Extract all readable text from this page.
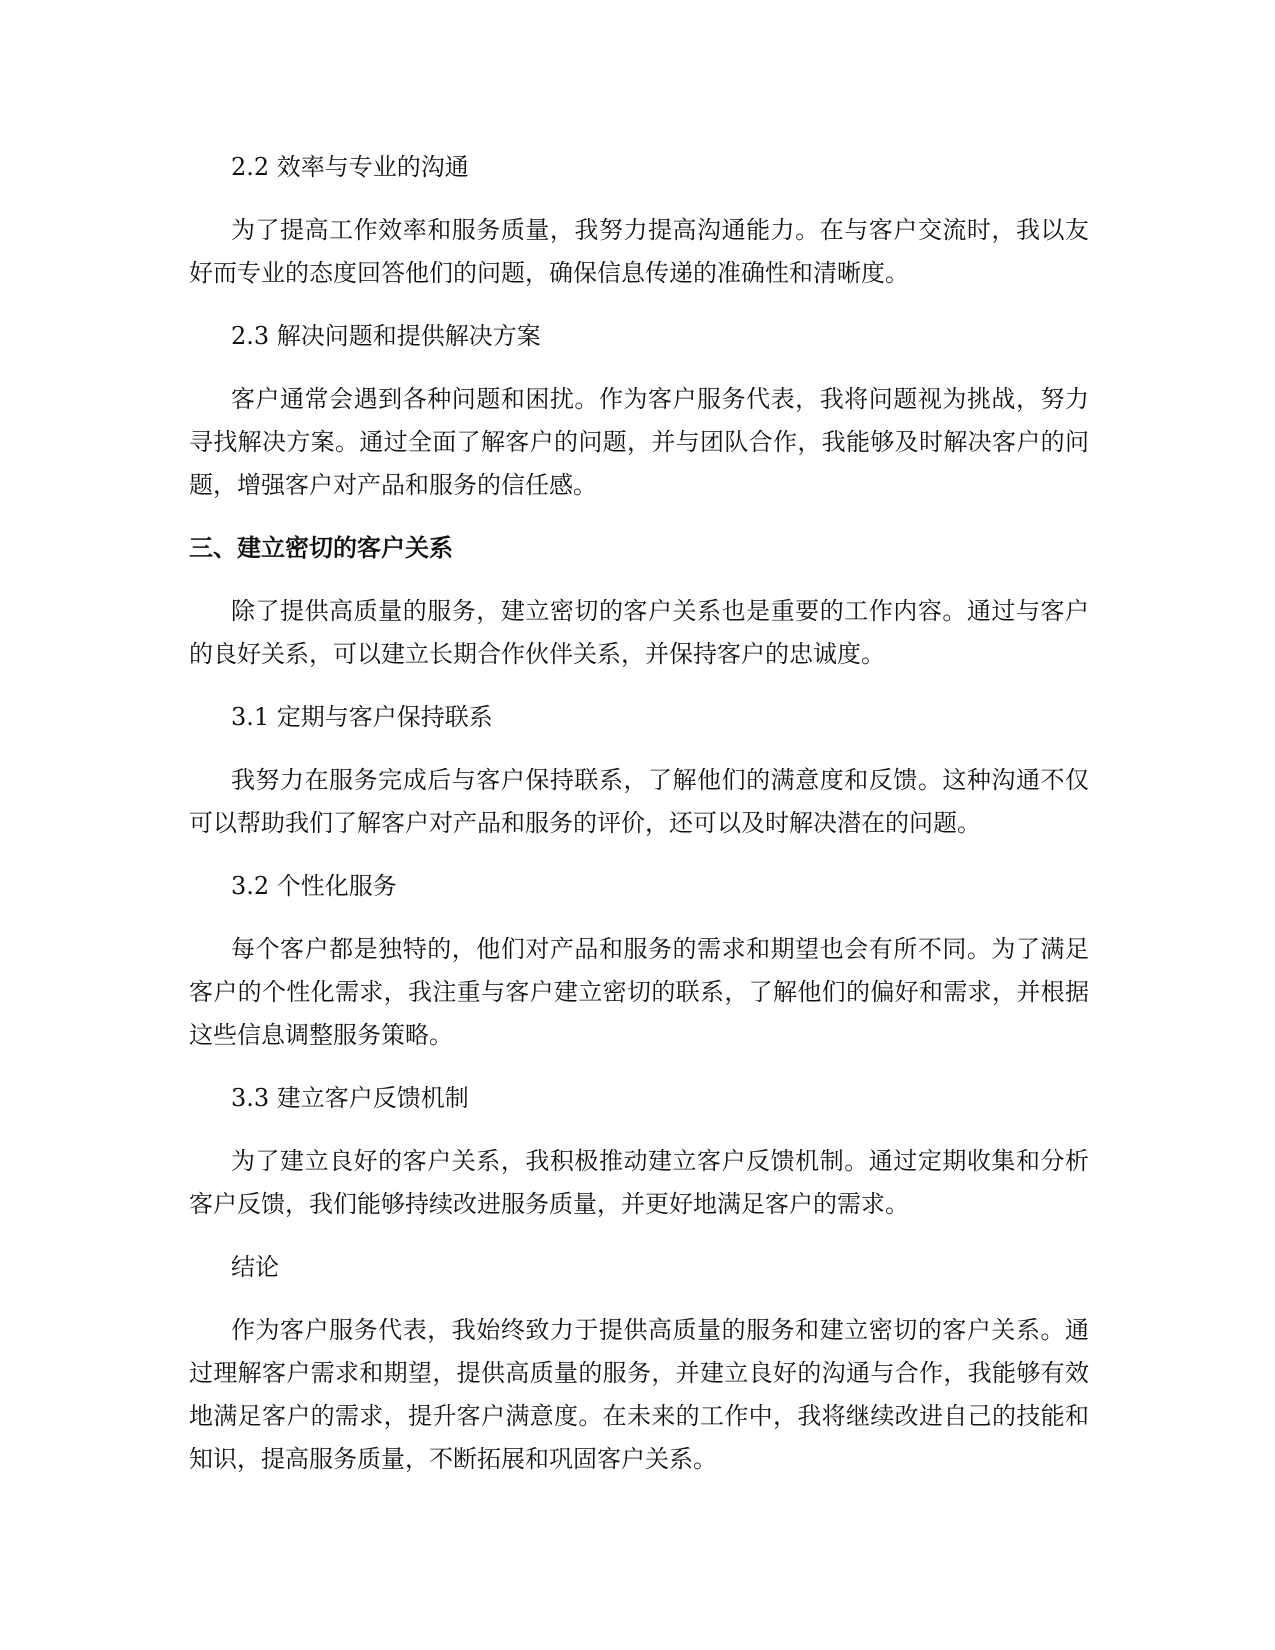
2.2 效率与专业的沟通
为了提高工作效率和服务质量，我努力提高沟通能力。在与客户交流时，我以友好而专业的态度回答他们的问题，确保信息传递的准确性和清晰度。
2.3 解决问题和提供解决方案
客户通常会遇到各种问题和困扰。作为客户服务代表，我将问题视为挑战，努力寻找解决方案。通过全面了解客户的问题，并与团队合作，我能够及时解决客户的问题，增强客户对产品和服务的信任感。
三、建立密切的客户关系
除了提供高质量的服务，建立密切的客户关系也是重要的工作内容。通过与客户的良好关系，可以建立长期合作伙伴关系，并保持客户的忠诚度。
3.1 定期与客户保持联系
我努力在服务完成后与客户保持联系，了解他们的满意度和反馈。这种沟通不仅可以帮助我们了解客户对产品和服务的评价，还可以及时解决潜在的问题。
3.2 个性化服务
每个客户都是独特的，他们对产品和服务的需求和期望也会有所不同。为了满足客户的个性化需求，我注重与客户建立密切的联系，了解他们的偏好和需求，并根据这些信息调整服务策略。
3.3 建立客户反馈机制
为了建立良好的客户关系，我积极推动建立客户反馈机制。通过定期收集和分析客户反馈，我们能够持续改进服务质量，并更好地满足客户的需求。
结论
作为客户服务代表，我始终致力于提供高质量的服务和建立密切的客户关系。通过理解客户需求和期望，提供高质量的服务，并建立良好的沟通与合作，我能够有效地满足客户的需求，提升客户满意度。在未来的工作中，我将继续改进自己的技能和知识，提高服务质量，不断拓展和巩固客户关系。
